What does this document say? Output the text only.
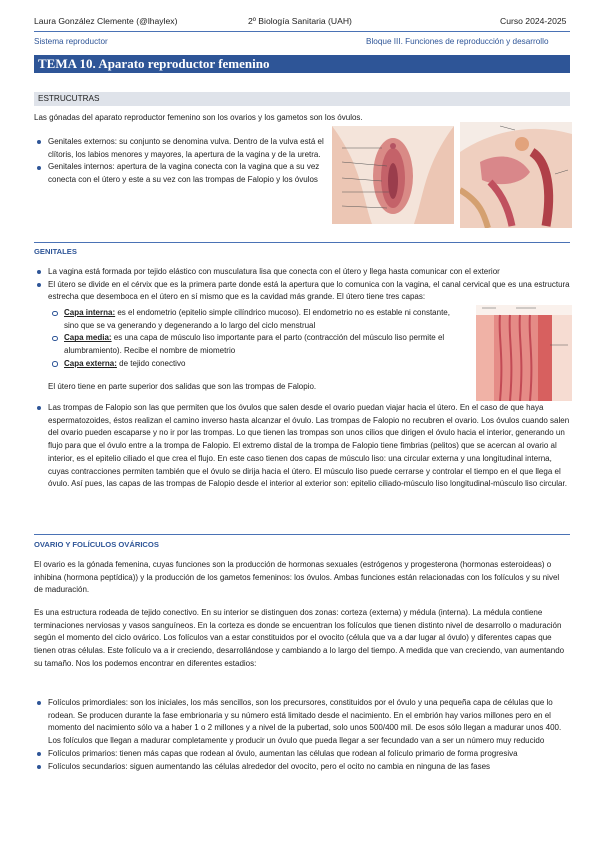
Laura González Clemente (@lhaylex)	2º Biología Sanitaria (UAH)	Curso 2024-2025
Sistema reproductor	Bloque III. Funciones de reproducción y desarrollo
TEMA 10. Aparato reproductor femenino
ESTRUCUTRAS
Las gónadas del aparato reproductor femenino son los ovarios y los gametos son los óvulos.
Genitales externos: su conjunto se denomina vulva. Dentro de la vulva está el clítoris, los labios menores y mayores, la apertura de la vagina y de la uretra.
Genitales internos: apertura de la vagina conecta con la vagina que a su vez conecta con el útero y este a su vez con las trompas de Falopio y los óvulos
GENITALES
La vagina está formada por tejido elástico con musculatura lisa que conecta con el útero y llega hasta comunicar con el exterior
El útero se divide en el cérvix que es la primera parte donde está la apertura que lo comunica con la vagina, el canal cervical que es una estructura estrecha que desemboca en el útero en sí mismo que es la cavidad más grande. El útero tiene tres capas:
Capa interna: es el endometrio (epitelio simple cilíndrico mucoso). El endometrio no es estable ni constante, sino que se va generando y degenerando a lo largo del ciclo menstrual
Capa media: es una capa de músculo liso importante para el parto (contracción del músculo liso permite el alumbramiento). Recibe el nombre de miometrio
Capa externa: de tejido conectivo
El útero tiene en parte superior dos salidas que son las trompas de Falopio.
Las trompas de Falopio son las que permiten que los óvulos que salen desde el ovario puedan viajar hacia el útero. En el caso de que haya espermatozoides, éstos realizan el camino inverso hasta alcanzar el óvulo. Las trompas de Falopio no recubren el ovario. Los óvulos cuando salen del ovario pueden escaparse y no ir por las trompas. Lo que tienen las trompas son unos cilios que dirigen el óvulo hacia el interior, generando un flujo para que el óvulo entre a la trompa de Falopio. El extremo distal de la trompa de Falopio tiene fimbrias (pelitos) que se acercan al ovario al interior, es el epitelio ciliado el que crea el flujo. En este caso tienen dos capas de músculo liso: una circular externa y una longitudinal interna, cuyas contracciones permiten también que el óvulo se dirija hacia el útero. El músculo liso puede cerrarse y controlar el tiempo en el que llega el óvulo. Así pues, las capas de las trompas de Falopio desde el interior al exterior son: epitelio ciliado-músculo liso longitudinal-músculo liso circular.
OVARIO Y FOLÍCULOS OVÁRICOS
El ovario es la gónada femenina, cuyas funciones son la producción de hormonas sexuales (estrógenos y progesterona (hormonas esteroideas) o inhibina (hormona peptídica)) y la producción de los gametos femeninos: los óvulos. Ambas funciones están relacionadas con los folículos y su nivel de maduración.
Es una estructura rodeada de tejido conectivo. En su interior se distinguen dos zonas: corteza (externa) y médula (interna). La médula contiene terminaciones nerviosas y vasos sanguíneos. En la corteza es donde se encuentran los folículos que tienen distinto nivel de desarrollo o maduración según el momento del ciclo ovárico. Los folículos van a estar constituidos por el ovocito (célula que va a dar lugar al óvulo) y diferentes capas que tienen otras células. Este folículo va a ir creciendo, desarrollándose y cambiando a lo largo del tiempo. A medida que van creciendo, van aumentando su tamaño. Nos los podemos encontrar en diferentes estadios:
Folículos primordiales: son los iniciales, los más sencillos, son los precursores, constituidos por el óvulo y una pequeña capa de células que lo rodean. Se producen durante la fase embrionaria y su número está limitado desde el nacimiento. En el embrión hay varios millones pero en el momento del nacimiento sólo va a haber 1 o 2 millones y a nivel de la pubertad, solo unos 500/400 mil. De esos sólo llegan a madurar unos 400. Los folículos que llegan a madurar completamente y producir un óvulo que pueda llegar a ser fecundado van a ser un número muy reducido
Folículos primarios: tienen más capas que rodean al óvulo, aumentan las células que rodean al folículo primario de forma progresiva
Folículos secundarios: siguen aumentando las células alrededor del ovocito, pero el ocito no cambia en ninguna de las fases
